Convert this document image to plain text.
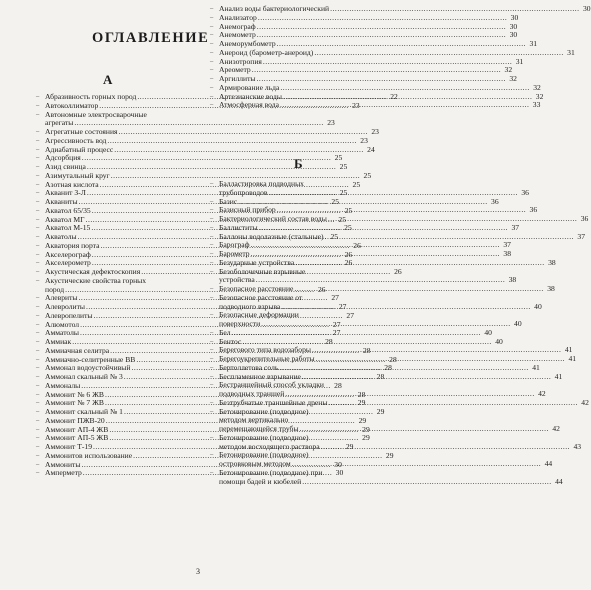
ОГЛАВЛЕНИЕ
А
– Абразивность горных пород .....	22
– Автоколлиматор .....	23
– Автономные электросварочные
агрегаты .....	23
– Агрегатные состояния .....	23
– Агрессивность вод .....	23
– Адиабатный процесс .....	24
– Адсорбция .....	25
– Азид свинца .....	25
– Азимутальный круг .....	25
– Азотная кислота .....	25
– Акванит З-Л .....	25
– Акваниты .....	25
– Акватол 65/35 .....	25
– Акватол МГ .....	25
– Акватол М-15 .....	25
– Акватолы .....	25
– Акватория порта .....	26
– Акселерограф .....	26
– Акселерометр .....	26
– Акустическая дефектоскопия .....	26
– Акустические свойства горных
пород .....	26
– Алевриты .....	27
– Алевролиты .....	27
– Алевропелиты .....	27
– Алюмотол .....	27
– Амматолы .....	27
– Аммиак .....	28
– Аммиачная селитра .....	28
– Аммиачно-селитренные ВВ .....	28
– Аммонал водоустойчивый .....	28
– Аммонал скальный № 3 .....	28
– Аммоналы .....	28
– Аммонит № 6 ЖВ .....	28
– Аммонит № 7 ЖВ .....	29
– Аммонит скальный № 1 .....	29
– Аммонит ПЖВ-20 .....	29
– Аммонит АП-4 ЖВ .....	29
– Аммонит АП-5 ЖВ .....	29
– Аммонит Т-19 .....	29
– Аммонитов использование .....	29
– Аммониты .....	30
– Амперметр .....	30
– Анализ воды бактериологический .....	30
– Анализатор .....	30
– Анемограф .....	30
– Анемометр .....	30
– Анеморумбометр .....	31
– Анероид (барометр-анероид) .....	31
– Анизотропия .....	31
– Ареометр .....	32
– Аргиллиты .....	32
– Армирование льда .....	32
– Артезианские воды .....	32
– Атмосферная вода .....	33
Б
– Балластировка подводных
трубопроводов .....	36
– Базис .....	36
– Базисный прибор .....	36
– Бактериологический состав воды .....	36
– Баллиститы .....	37
– Баллоны водолазные (стальные) .....	37
– Барограф .....	37
– Барометр .....	38
– Безударные устройства .....	38
– Безоболочечные взрывные
устройства .....	38
– Безопасное расстояние .....	38
– Безопасное расстояние от
подводного взрыва .....	40
– Безопасные деформации
поверхности .....	40
– Бел .....	40
– Бентос .....	40
– Берегового типа водозаборы .....	41
– Берегоукрепительные работы .....	41
– Бертоллетова соль .....	41
– Беспламенное взрывание .....	41
– Бестраншейный способ укладки
подводных траншей .....	42
– Безтрубчатые траншейные дрены .....	42
– Бетонирование (подводное)
методом вертикально
перемещающейся трубы .....	42
– Бетонирование (подводное)
методом восходящего раствора .....	43
– Бетонирование (подводное)
островковым методом .....	44
– Бетонирование (подводное) при
помощи бадей и кюбелей .....	44
3
